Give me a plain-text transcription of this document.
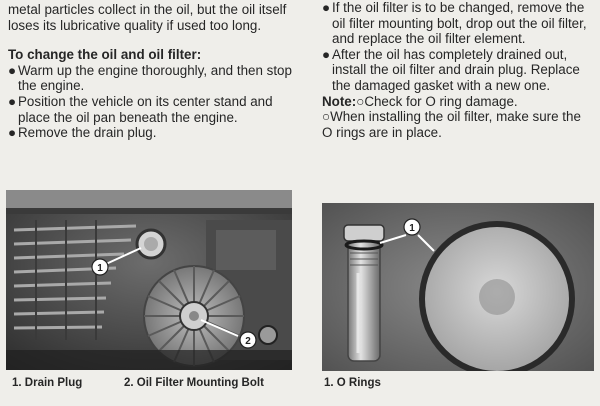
metal particles collect in the oil, but the oil itself loses its lubricative quality if used too long.

To change the oil and oil filter:
● Warm up the engine thoroughly, and then stop the engine.
● Position the vehicle on its center stand and place the oil pan beneath the engine.
● Remove the drain plug.
1
2
1. Drain Plug	2. Oil Filter Mounting Bolt
● If the oil filter is to be changed, remove the oil filter mounting bolt, drop out the oil filter, and replace the oil filter element.
● After the oil has completely drained out, install the oil filter and drain plug. Replace the damaged gasket with a new one.
Note:○Check for O ring damage.
○When installing the oil filter, make sure the O rings are in place.
1
1. O Rings
